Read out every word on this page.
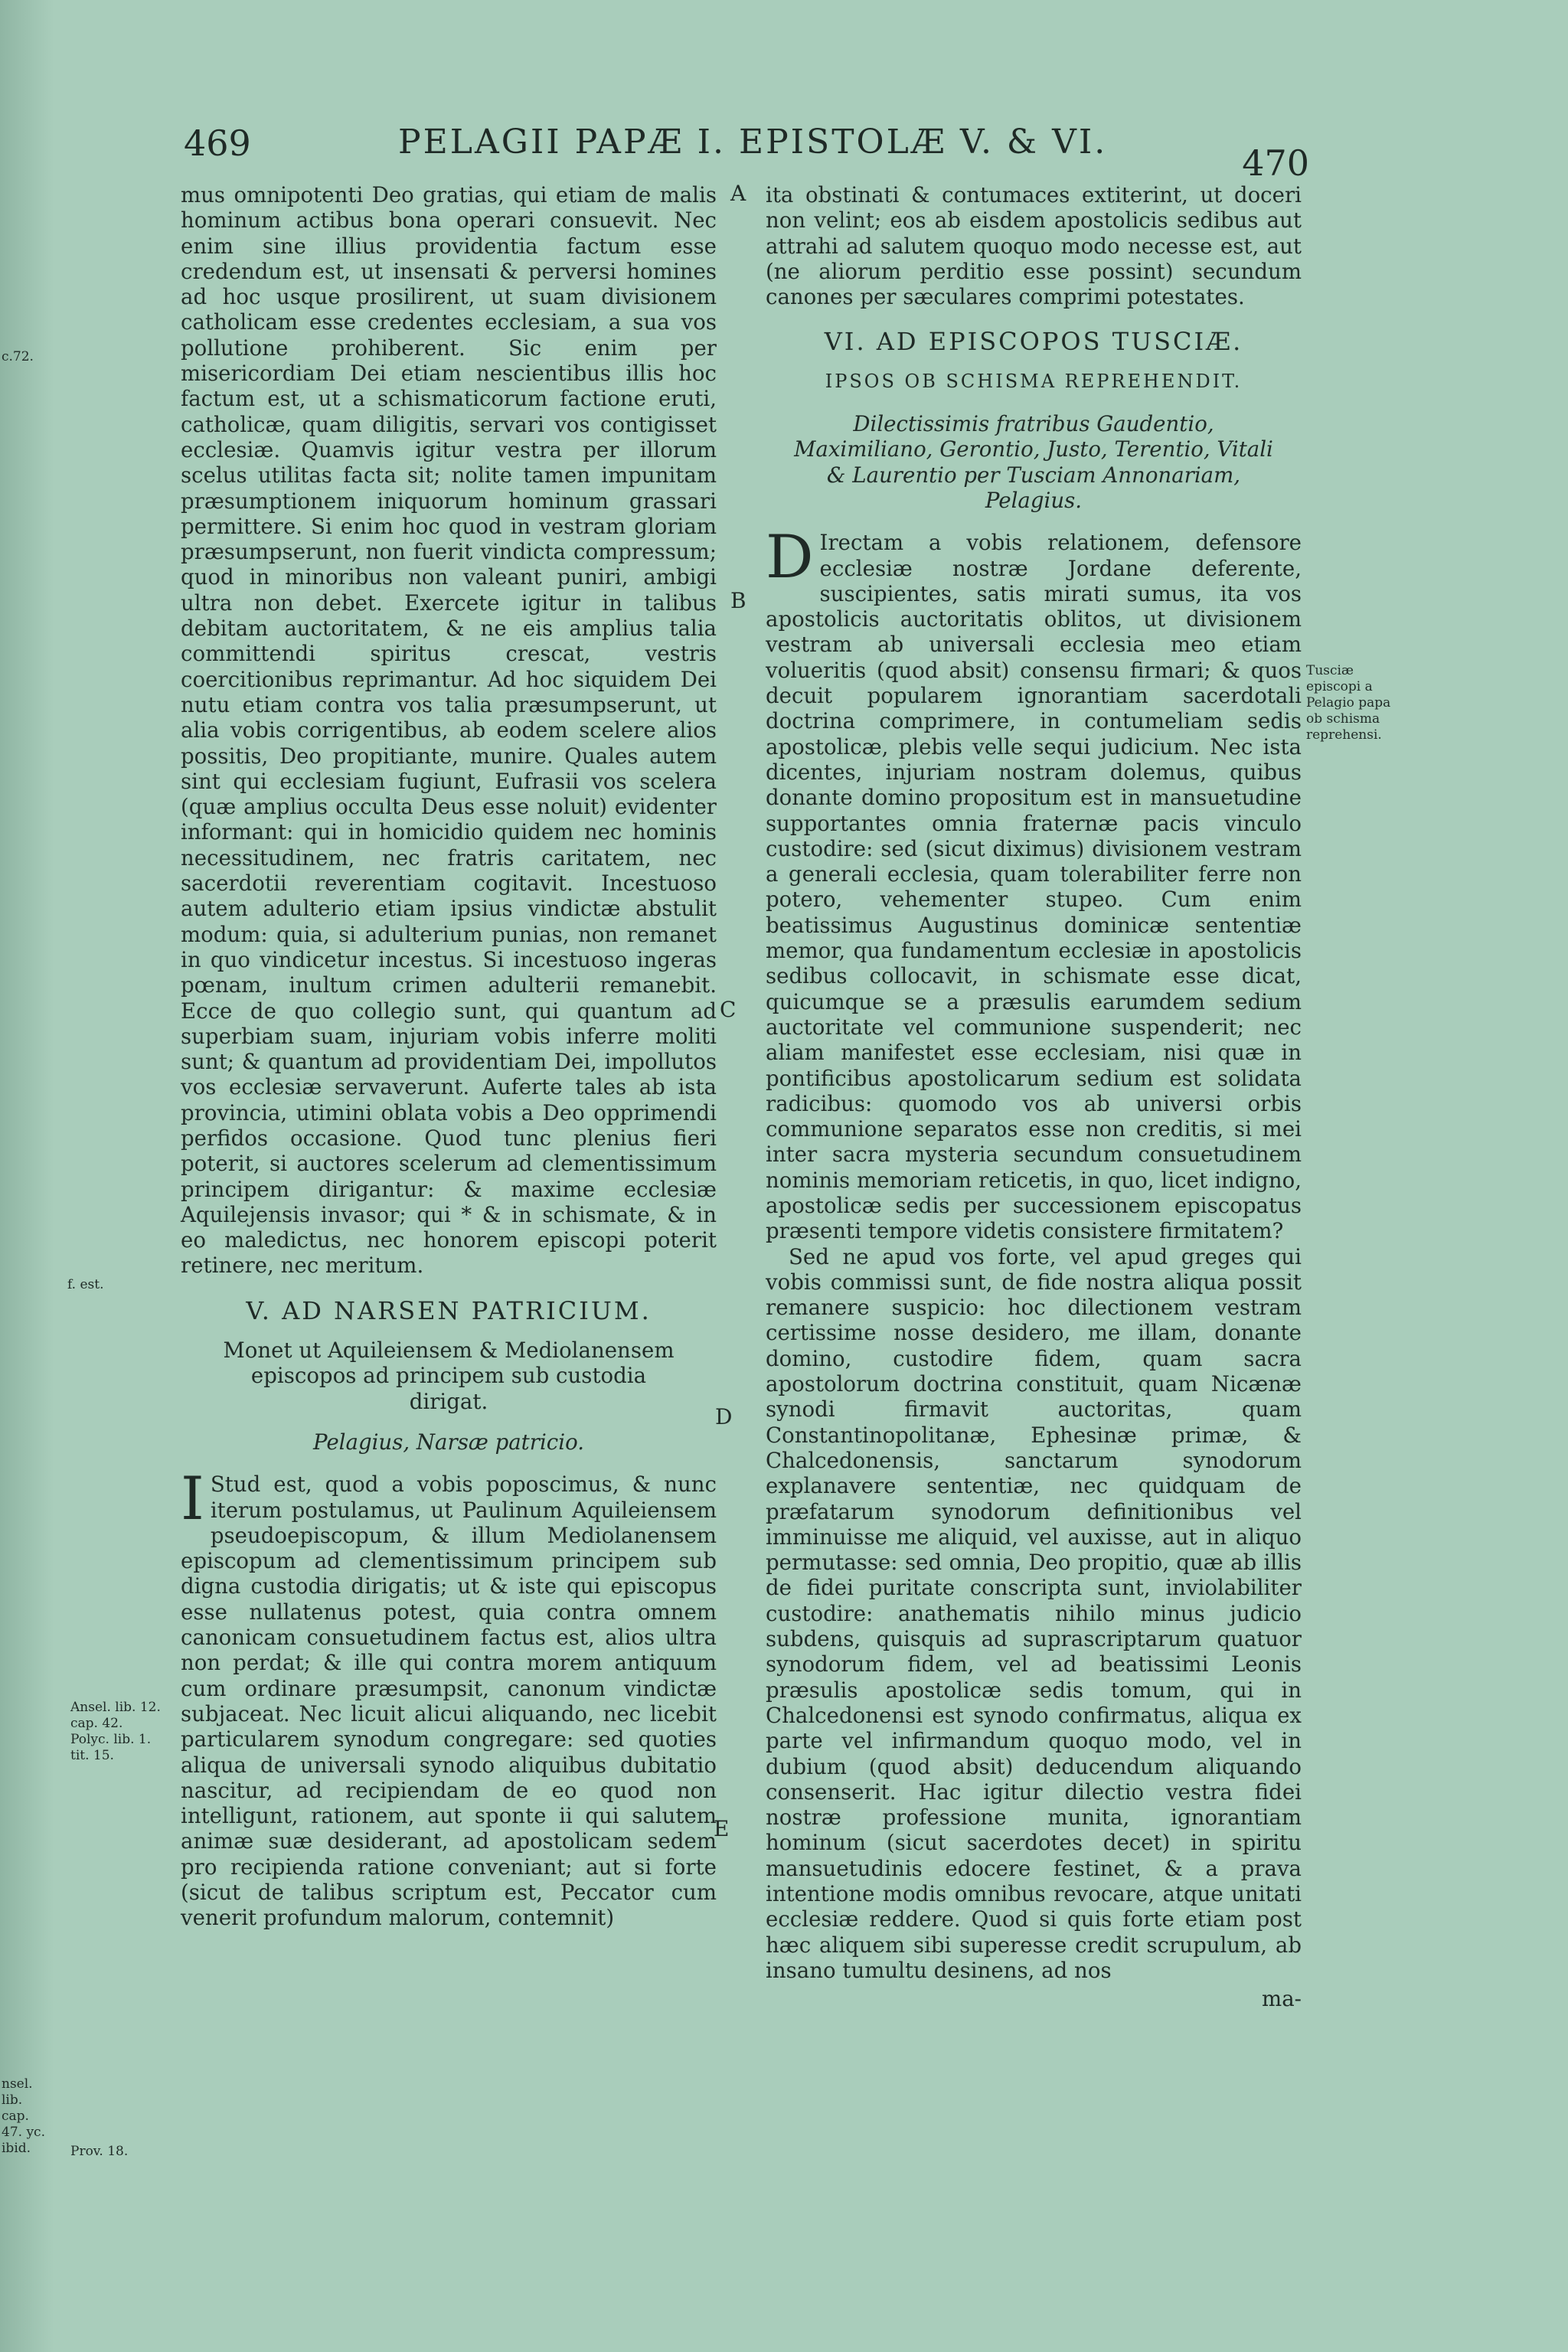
469	PELAGII PAPÆ I. EPISTOLÆ V. & VI.
470

mus omnipotenti Deo gratias, qui etiam de malis hominum actibus bona operari consuevit. Nec enim sine illius providentia factum esse credendum est, ut insensati & perversi homines ad hoc usque prosilirent, ut suam divisionem catholicam esse credentes ecclesiam, a sua vos pollutione prohiberent. Sic enim per misericordiam Dei etiam nescientibus illis hoc factum est, ut a schismaticorum factione eruti, catholicæ, quam diligitis, servari vos contigisset ecclesiæ. Quamvis igitur vestra per illorum scelus utilitas facta sit; nolite tamen impunitam præsumptionem iniquorum hominum grassari permittere. Si enim hoc quod in vestram gloriam præsumpserunt, non fuerit vindicta compressum; quod in minoribus non valeant puniri, ambigi ultra non debet. Exercete igitur in talibus debitam auctoritatem, & ne eis amplius talia committendi spiritus crescat, vestris coercitionibus reprimantur. Ad hoc siquidem Dei nutu etiam contra vos talia præsumpserunt, ut alia vobis corrigentibus, ab eodem scelere alios possitis, Deo propitiante, munire. Quales autem sint qui ecclesiam fugiunt, Eufrasii vos scelera (quæ amplius occulta Deus esse noluit) evidenter informant: qui in homicidio quidem nec hominis necessitudinem, nec fratris caritatem, nec sacerdotii reverentiam cogitavit. Incestuoso autem adulterio etiam ipsius vindictæ abstulit modum: quia, si adulterium punias, non remanet in quo vindicetur incestus. Si incestuoso ingeras pœnam, inultum crimen adulterii remanebit. Ecce de quo collegio sunt, qui quantum ad superbiam suam, injuriam vobis inferre moliti sunt; & quantum ad providentiam Dei, impollutos vos ecclesiæ servaverunt. Auferte tales ab ista provincia, utimini oblata vobis a Deo opprimendi perfidos occasione. Quod tunc plenius fieri poterit, si auctores scelerum ad clementissimum principem dirigantur: & maxime ecclesiæ Aquilejensis invasor; qui * & in schismate, & in eo maledictus, nec honorem episcopi poterit retinere, nec meritum.

V. AD NARSEN PATRICIUM.
Monet ut Aquileiensem & Mediolanensem episcopos ad principem sub custodia dirigat.
Pelagius, Narsæ patricio.

I Stud est, quod a vobis poposcimus, & nunc iterum postulamus, ut Paulinum Aquileiensem pseudoepiscopum, & illum Mediolanensem episcopum ad clementissimum principem sub digna custodia dirigatis; ut & iste qui episcopus esse nullatenus potest, quia contra omnem canonicam consuetudinem factus est, alios ultra non perdat; & ille qui contra morem antiquum cum ordinare præsumpsit, canonum vindictæ subjaceat. Nec licuit alicui aliquando, nec licebit particularem synodum congregare: sed quoties aliqua de universali synodo aliquibus dubitatio nascitur, ad recipiendam de eo quod non intelligunt, rationem, aut sponte ii qui salutem animæ suæ desiderant, ad apostolicam sedem pro recipienda ratione conveniant; aut si forte (sicut de talibus scriptum est, Peccator cum venerit profundum malorum, contemnit)

ita obstinati & contumaces extiterint, ut doceri non velint; eos ab eisdem apostolicis sedibus aut attrahi ad salutem quoquo modo necesse est, aut (ne aliorum perditio esse possint) secundum canones per sæculares comprimi potestates.

VI. AD EPISCOPOS TUSCIÆ.
IPSOS OB SCHISMA REPREHENDIT.
Dilectissimis fratribus Gaudentio, Maximiliano, Gerontio, Justo, Terentio, Vitali & Laurentio per Tusciam Annonariam, Pelagius.

D Irectam a vobis relationem, defensore ecclesiæ nostræ Jordane deferente, suscipientes, satis mirati sumus, ita vos apostolicis auctoritatis oblitos, ut divisionem vestram ab universali ecclesia meo etiam volueritis (quod absit) consensu firmari; & quos decuit popularem ignorantiam sacerdotali doctrina comprimere, in contumeliam sedis apostolicæ, plebis velle sequi judicium. Nec ista dicentes, injuriam nostram dolemus, quibus donante domino propositum est in mansuetudine supportantes omnia fraternæ pacis vinculo custodire: sed (sicut diximus) divisionem vestram a generali ecclesia, quam tolerabiliter ferre non potero, vehementer stupeo. Cum enim beatissimus Augustinus dominicæ sententiæ memor, qua fundamentum ecclesiæ in apostolicis sedibus collocavit, in schismate esse dicat, quicumque se a præsulis earumdem sedium auctoritate vel communione suspenderit; nec aliam manifestet esse ecclesiam, nisi quæ in pontificibus apostolicarum sedium est solidata radicibus: quomodo vos ab universi orbis communione separatos esse non creditis, si mei inter sacra mysteria secundum consuetudinem nominis memoriam reticetis, in quo, licet indigno, apostolicæ sedis per successionem episcopatus præsenti tempore videtis consistere firmitatem?

Sed ne apud vos forte, vel apud greges qui vobis commissi sunt, de fide nostra aliqua possit remanere suspicio: hoc dilectionem vestram certissime nosse desidero, me illam, donante domino, custodire fidem, quam sacra apostolorum doctrina constituit, quam Nicænæ synodi firmavit auctoritas, quam Constantinopolitanæ, Ephesinæ primæ, & Chalcedonensis, sanctarum synodorum explanavere sententiæ, nec quidquam de præfatarum synodorum definitionibus vel imminuisse me aliquid, vel auxisse, aut in aliquo permutasse: sed omnia, Deo propitio, quæ ab illis de fidei puritate conscripta sunt, inviolabiliter custodire: anathematis nihilo minus judicio subdens, quisquis ad suprascriptarum quatuor synodorum fidem, vel ad beatissimi Leonis præsulis apostolicæ sedis tomum, qui in Chalcedonensi est synodo confirmatus, aliqua ex parte vel infirmandum quoquo modo, vel in dubium (quod absit) deducendum aliquando consenserit. Hac igitur dilectio vestra fidei nostræ professione munita, ignorantiam hominum (sicut sacerdotes decet) in spiritu mansuetudinis edocere festinet, & a prava intentione modis omnibus revocare, atque unitati ecclesiæ reddere. Quod si quis forte etiam post hæc aliquem sibi superesse credit scrupulum, ab insano tumultu desinens, ad nos

ma-

A
B
C
D
E
c.72.
f. est.
Ansel. lib. 12. cap. 42. Polyc. lib. 1. tit. 15.
nsel. lib. cap. 47. yc. ibid.	Prov. 18.
Tusciæ episcopi a Pelagio papa ob schisma reprehensi.
